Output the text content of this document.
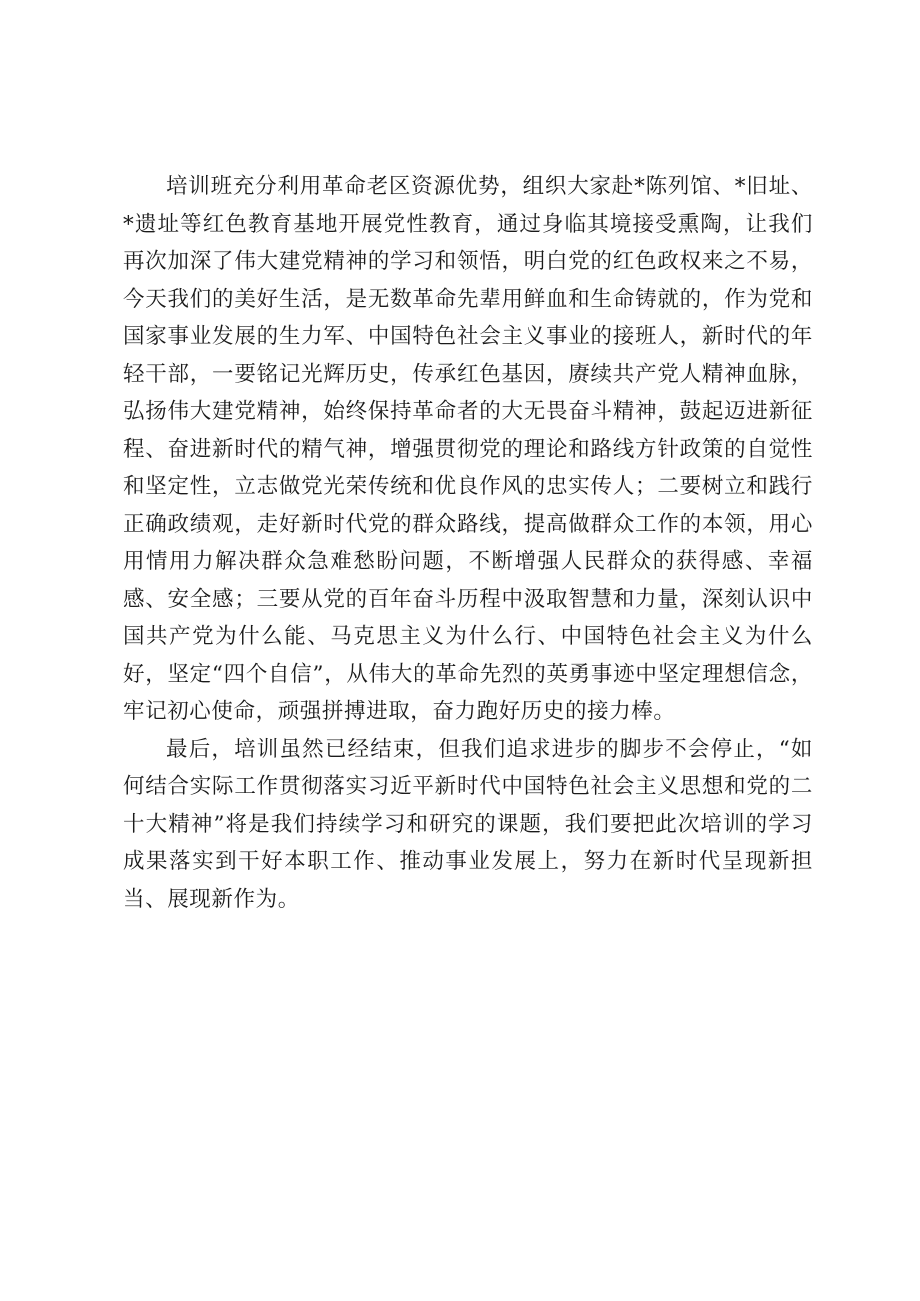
培训班充分利用革命老区资源优势，组织大家赴*陈列馆、*旧址、*遗址等红色教育基地开展党性教育，通过身临其境接受熏陶，让我们再次加深了伟大建党精神的学习和领悟，明白党的红色政权来之不易，今天我们的美好生活，是无数革命先辈用鲜血和生命铸就的，作为党和国家事业发展的生力军、中国特色社会主义事业的接班人，新时代的年轻干部，一要铭记光辉历史，传承红色基因，赓续共产党人精神血脉，弘扬伟大建党精神，始终保持革命者的大无畏奋斗精神，鼓起迈进新征程、奋进新时代的精气神，增强贯彻党的理论和路线方针政策的自觉性和坚定性，立志做党光荣传统和优良作风的忠实传人；二要树立和践行正确政绩观，走好新时代党的群众路线，提高做群众工作的本领，用心用情用力解决群众急难愁盼问题，不断增强人民群众的获得感、幸福感、安全感；三要从党的百年奋斗历程中汲取智慧和力量，深刻认识中国共产党为什么能、马克思主义为什么行、中国特色社会主义为什么好，坚定“四个自信”，从伟大的革命先烈的英勇事迹中坚定理想信念，牢记初心使命，顽强拼搏进取，奋力跑好历史的接力棒。

最后，培训虽然已经结束，但我们追求进步的脚步不会停止，“如何结合实际工作贯彻落实习近平新时代中国特色社会主义思想和党的二十大精神”将是我们持续学习和研究的课题，我们要把此次培训的学习成果落实到干好本职工作、推动事业发展上，努力在新时代呈现新担当、展现新作为。
